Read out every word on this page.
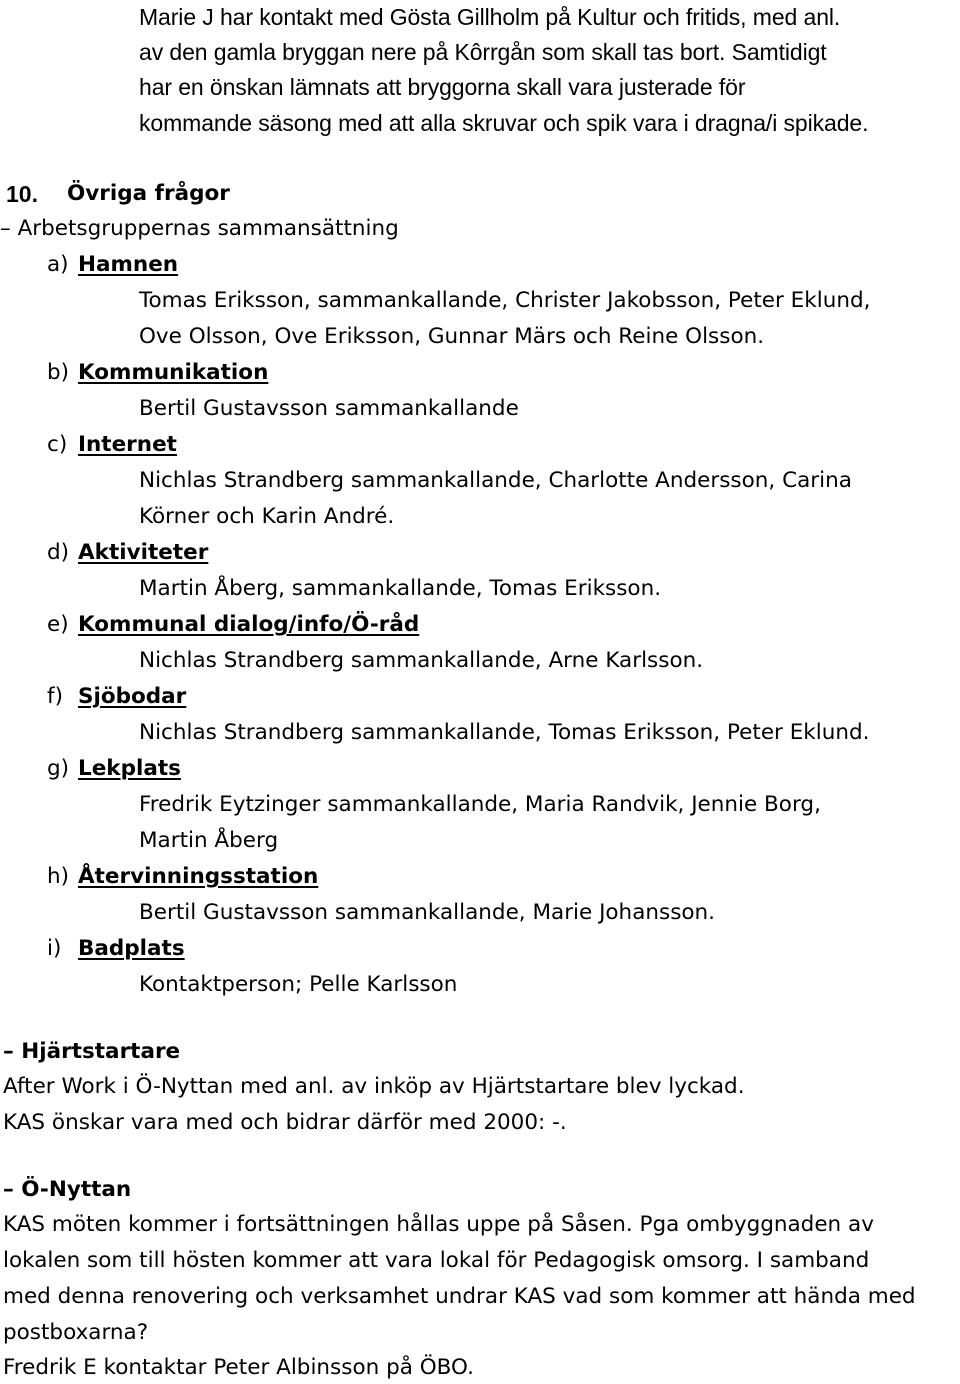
Marie J har kontakt med Gösta Gillholm på Kultur och fritids, med anl.
av den gamla bryggan nere på Kôrrgån som skall tas bort. Samtidigt
har en önskan lämnats att bryggorna skall vara justerade för
kommande säsong med att alla skruvar och spik vara i dragna/i spikade.
10. Övriga frågor
– Arbetsgruppernas sammansättning
a) Hamnen
Tomas Eriksson, sammankallande, Christer Jakobsson, Peter Eklund,
Ove Olsson, Ove Eriksson, Gunnar Märs och Reine Olsson.
b) Kommunikation
Bertil Gustavsson sammankallande
c) Internet
Nichlas Strandberg sammankallande, Charlotte Andersson, Carina
Körner och Karin André.
d) Aktiviteter
Martin Åberg, sammankallande, Tomas Eriksson.
e) Kommunal dialog/info/Ö-råd
Nichlas Strandberg sammankallande, Arne Karlsson.
f) Sjöbodar
Nichlas Strandberg sammankallande, Tomas Eriksson, Peter Eklund.
g) Lekplats
Fredrik Eytzinger sammankallande, Maria Randvik, Jennie Borg,
Martin Åberg
h) Återvinningsstation
Bertil Gustavsson sammankallande, Marie Johansson.
i) Badplats
Kontaktperson; Pelle Karlsson
– Hjärtstartare
After Work i Ö-Nyttan med anl. av inköp av Hjärtstartare blev lyckad.
KAS önskar vara med och bidrar därför med 2000: -.
– Ö-Nyttan
KAS möten kommer i fortsättningen hållas uppe på Såsen. Pga ombyggnaden av
lokalen som till hösten kommer att vara lokal för Pedagogisk omsorg. I samband
med denna renovering och verksamhet undrar KAS vad som kommer att hända med
postboxarna?
Fredrik E kontaktar Peter Albinsson på ÖBO.
